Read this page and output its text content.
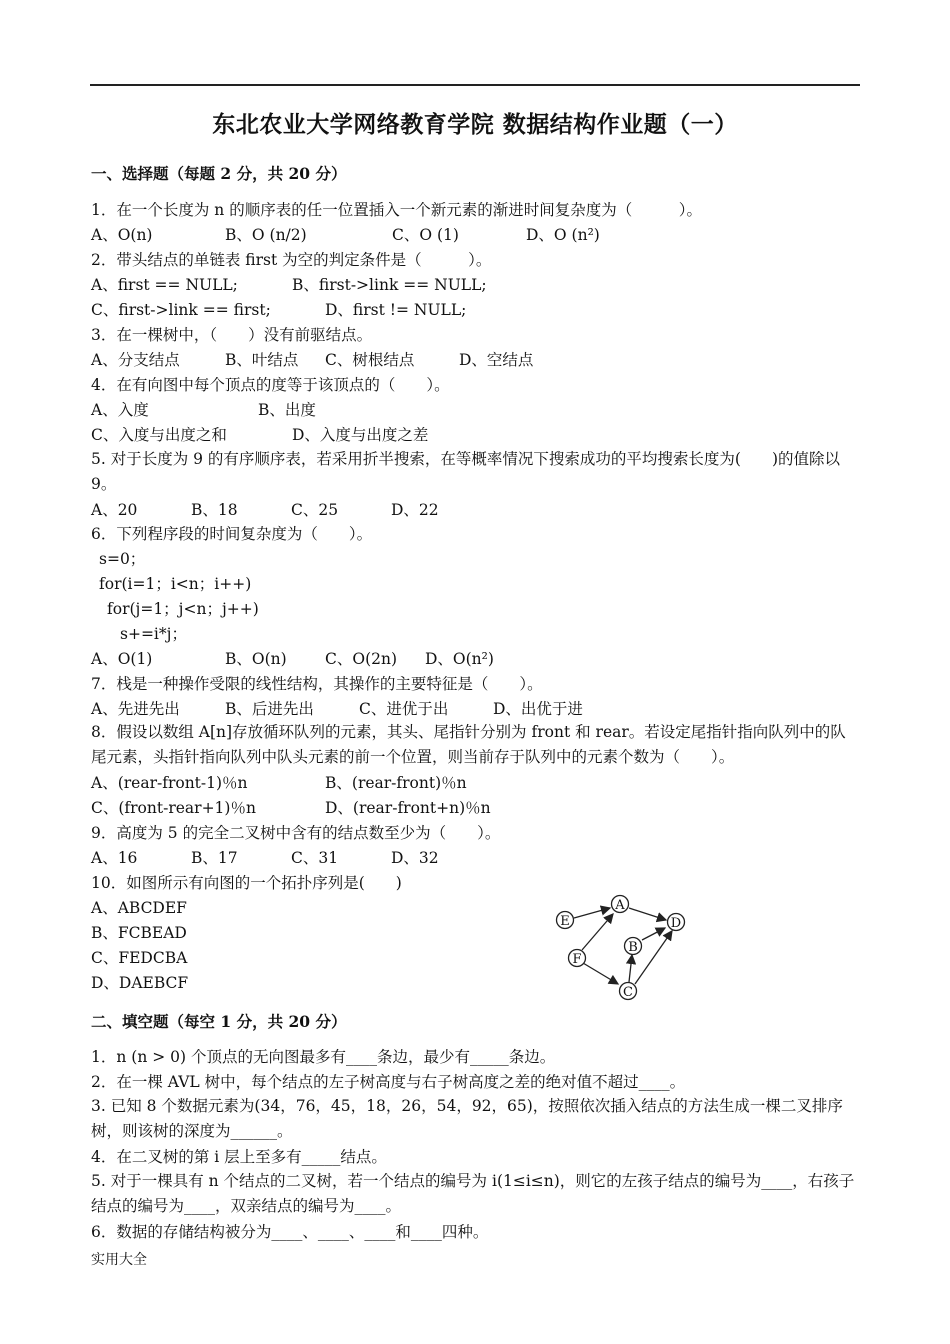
东北农业大学网络教育学院 数据结构作业题（一）
一、选择题（每题 2 分，共 20 分）
1．在一个长度为 n 的顺序表的任一位置插入一个新元素的渐进时间复杂度为（　　　）。
A、O(n)	B、O (n/2)	C、O (1)	D、O (n²)
2．带头结点的单链表 first 为空的判定条件是（　　　）。
A、first == NULL;	B、first->link == NULL;
C、first->link == first;	D、first != NULL;
3．在一棵树中，（　　）没有前驱结点。
A、分支结点	B、叶结点 C、树根结点	D、空结点
4．在有向图中每个顶点的度等于该顶点的（　　）。
A、入度	B、出度
C、入度与出度之和	D、入度与出度之差
5. 对于长度为 9 的有序顺序表，若采用折半搜索，在等概率情况下搜索成功的平均搜索长度为(　　)的值除以 9。
A、20	B、18	C、25	D、22
6．下列程序段的时间复杂度为（　　）。
s=0；
for(i=1；i<n；i++)
for(j=1；j<n；j++)
s+=i*j；
A、O(1)	B、O(n) C、O(2n) D、O(n²)
7．栈是一种操作受限的线性结构，其操作的主要特征是（　　）。
A、先进先出	B、后进先出	C、进优于出	D、出优于进
8．假设以数组 A[n]存放循环队列的元素，其头、尾指针分别为 front 和 rear。若设定尾指针指向队列中的队尾元素，头指针指向队列中队头元素的前一个位置，则当前存于队列中的元素个数为（　　）。
A、(rear-front-1)％n	B、(rear-front)％n
C、(front-rear+1)％n	D、(rear-front+n)％n
9．高度为 5 的完全二叉树中含有的结点数至少为（　　）。
A、16	B、17	C、31	D、32
10．如图所示有向图的一个拓扑序列是(　　)
A、ABCDEF
B、FCBEAD
C、FEDCBA
D、DAEBCF
E
A
D
B
F
C
二、填空题（每空 1 分，共 20 分）
1．n (n > 0) 个顶点的无向图最多有____条边，最少有_____条边。
2．在一棵 AVL 树中，每个结点的左子树高度与右子树高度之差的绝对值不超过____。
3. 已知 8 个数据元素为(34，76，45，18，26，54，92，65)，按照依次插入结点的方法生成一棵二叉排序树，则该树的深度为______。
4．在二叉树的第 i 层上至多有_____结点。
5. 对于一棵具有 n 个结点的二叉树，若一个结点的编号为 i(1≤i≤n)，则它的左孩子结点的编号为____，右孩子结点的编号为____，双亲结点的编号为____。
6．数据的存储结构被分为____、____、____和____四种。
实用大全
